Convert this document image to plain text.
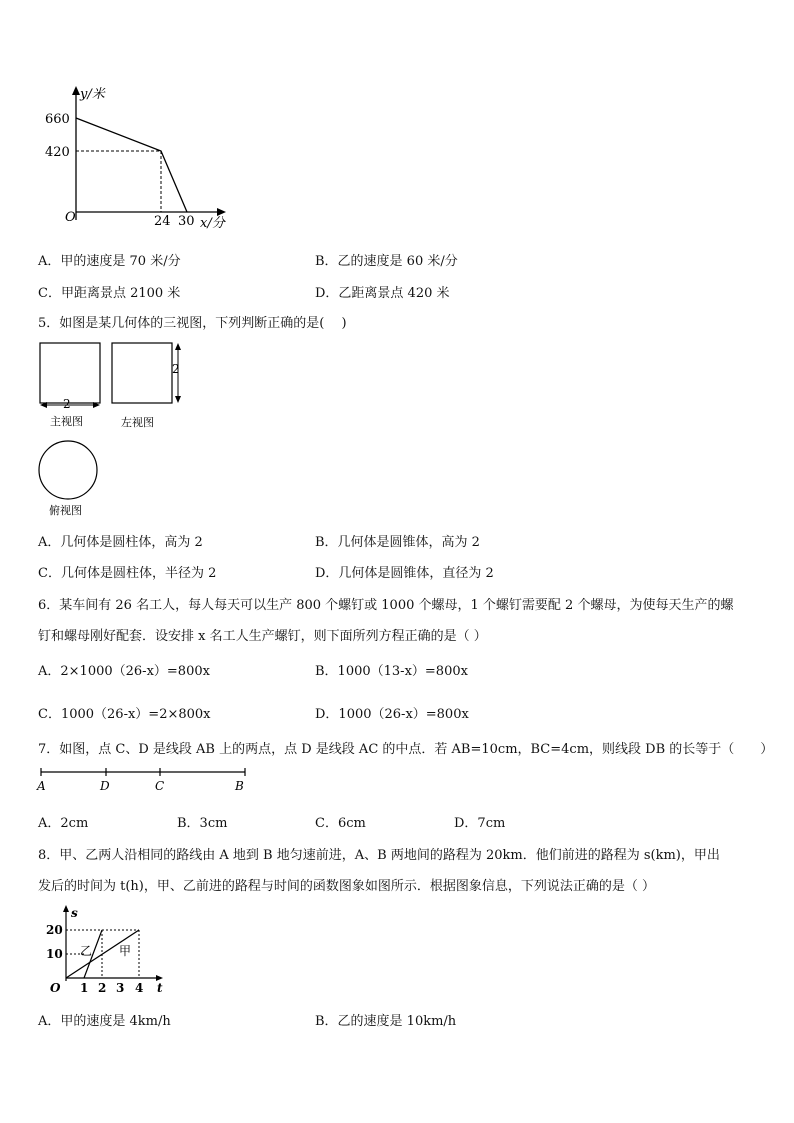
y/米
660
420
O	24 30 x/分
A．甲的速度是 70 米/分	B．乙的速度是 60 米/分
C．甲距离景点 2100 米	D．乙距离景点 420 米
5．如图是某几何体的三视图，下列判断正确的是(　 )
2
主视图
2
左视图
俯视图
A．几何体是圆柱体，高为 2	B．几何体是圆锥体，高为 2
C．几何体是圆柱体，半径为 2	D．几何体是圆锥体，直径为 2
6．某车间有 26 名工人，每人每天可以生产 800 个螺钉或 1000 个螺母，1 个螺钉需要配 2 个螺母，为使每天生产的螺
钉和螺母刚好配套．设安排 x 名工人生产螺钉，则下面所列方程正确的是（ ）
A．2×1000（26-x）=800x	B．1000（13-x）=800x
C．1000（26-x）=2×800x	D．1000（26-x）=800x
7．如图，点 C、D 是线段 AB 上的两点，点 D 是线段 AC 的中点．若 AB=10cm，BC=4cm，则线段 DB 的长等于（　　）
A	D	C	B
A．2cm	B．3cm	C．6cm	D．7cm
8．甲、乙两人沿相同的路线由 A 地到 B 地匀速前进，A、B 两地间的路程为 20km．他们前进的路程为 s(km)，甲出
发后的时间为 t(h)，甲、乙前进的路程与时间的函数图象如图所示．根据图象信息，下列说法正确的是（ ）
s
20
10
O 1 2 3 4 t
乙 甲
A．甲的速度是 4km/h	B．乙的速度是 10km/h
